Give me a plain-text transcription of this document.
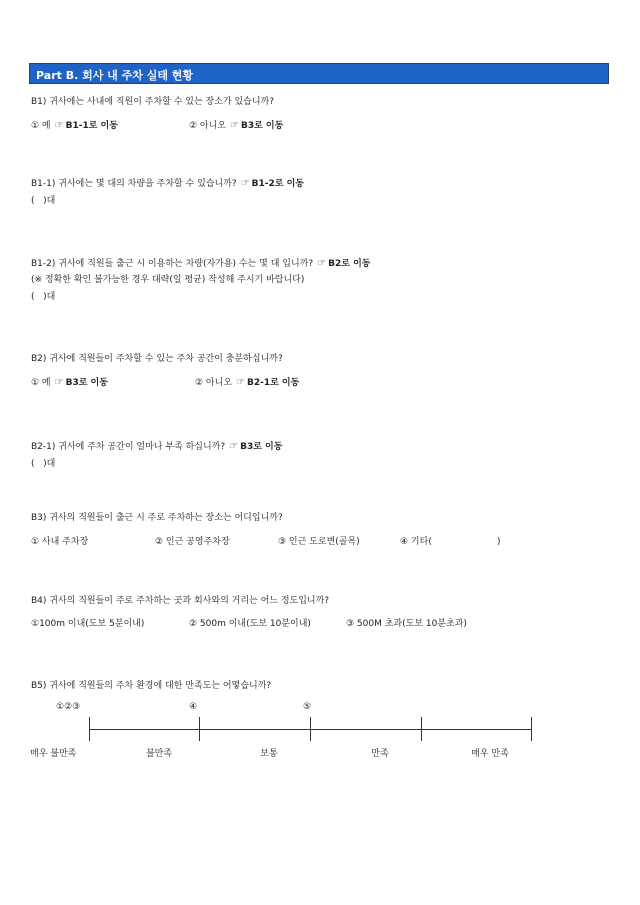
Part B. 회사 내 주차 실태 현황
B1) 귀사에는 사내에 직원이 주차할 수 있는 장소가 있습니까?
① 예 ☞ B1-1로 이동	② 아니오 ☞ B3로 이동
B1-1) 귀사에는 몇 대의 차량을 주차할 수 있습니까? ☞ B1-2로 이동
(   )대
B1-2) 귀사에 직원들 출근 시 이용하는 차량(자가용) 수는 몇 대 입니까? ☞ B2로 이동
(※ 정확한 확인 불가능한 경우 대략(일 평균) 작성해 주시기 바랍니다)
(   )대
B2) 귀사에 직원들이 주차할 수 있는 주차 공간이 충분하십니까?
① 예 ☞ B3로 이동	② 아니오 ☞ B2-1로 이동
B2-1) 귀사에 주차 공간이 얼마나 부족 하십니까? ☞ B3로 이동
(   )대
B3) 귀사의 직원들이 출근 시 주로 주차하는 장소는 어디입니까?
① 사내 주차장	② 인근 공영주차장	③ 인근 도로변(골목)	④ 기타(	)
B4) 귀사의 직원들이 주로 주차하는 곳과 회사와의 거리는 어느 정도입니까?
①100m 이내(도보 5분이내)	② 500m 이내(도보 10분이내)	③ 500M 초과(도보 10분초과)
B5) 귀사에 직원들의 주차 환경에 대한 만족도는 어떻습니까?
①②③	④	⑤
매우 불만족	불만족	보통	만족	매우 만족
